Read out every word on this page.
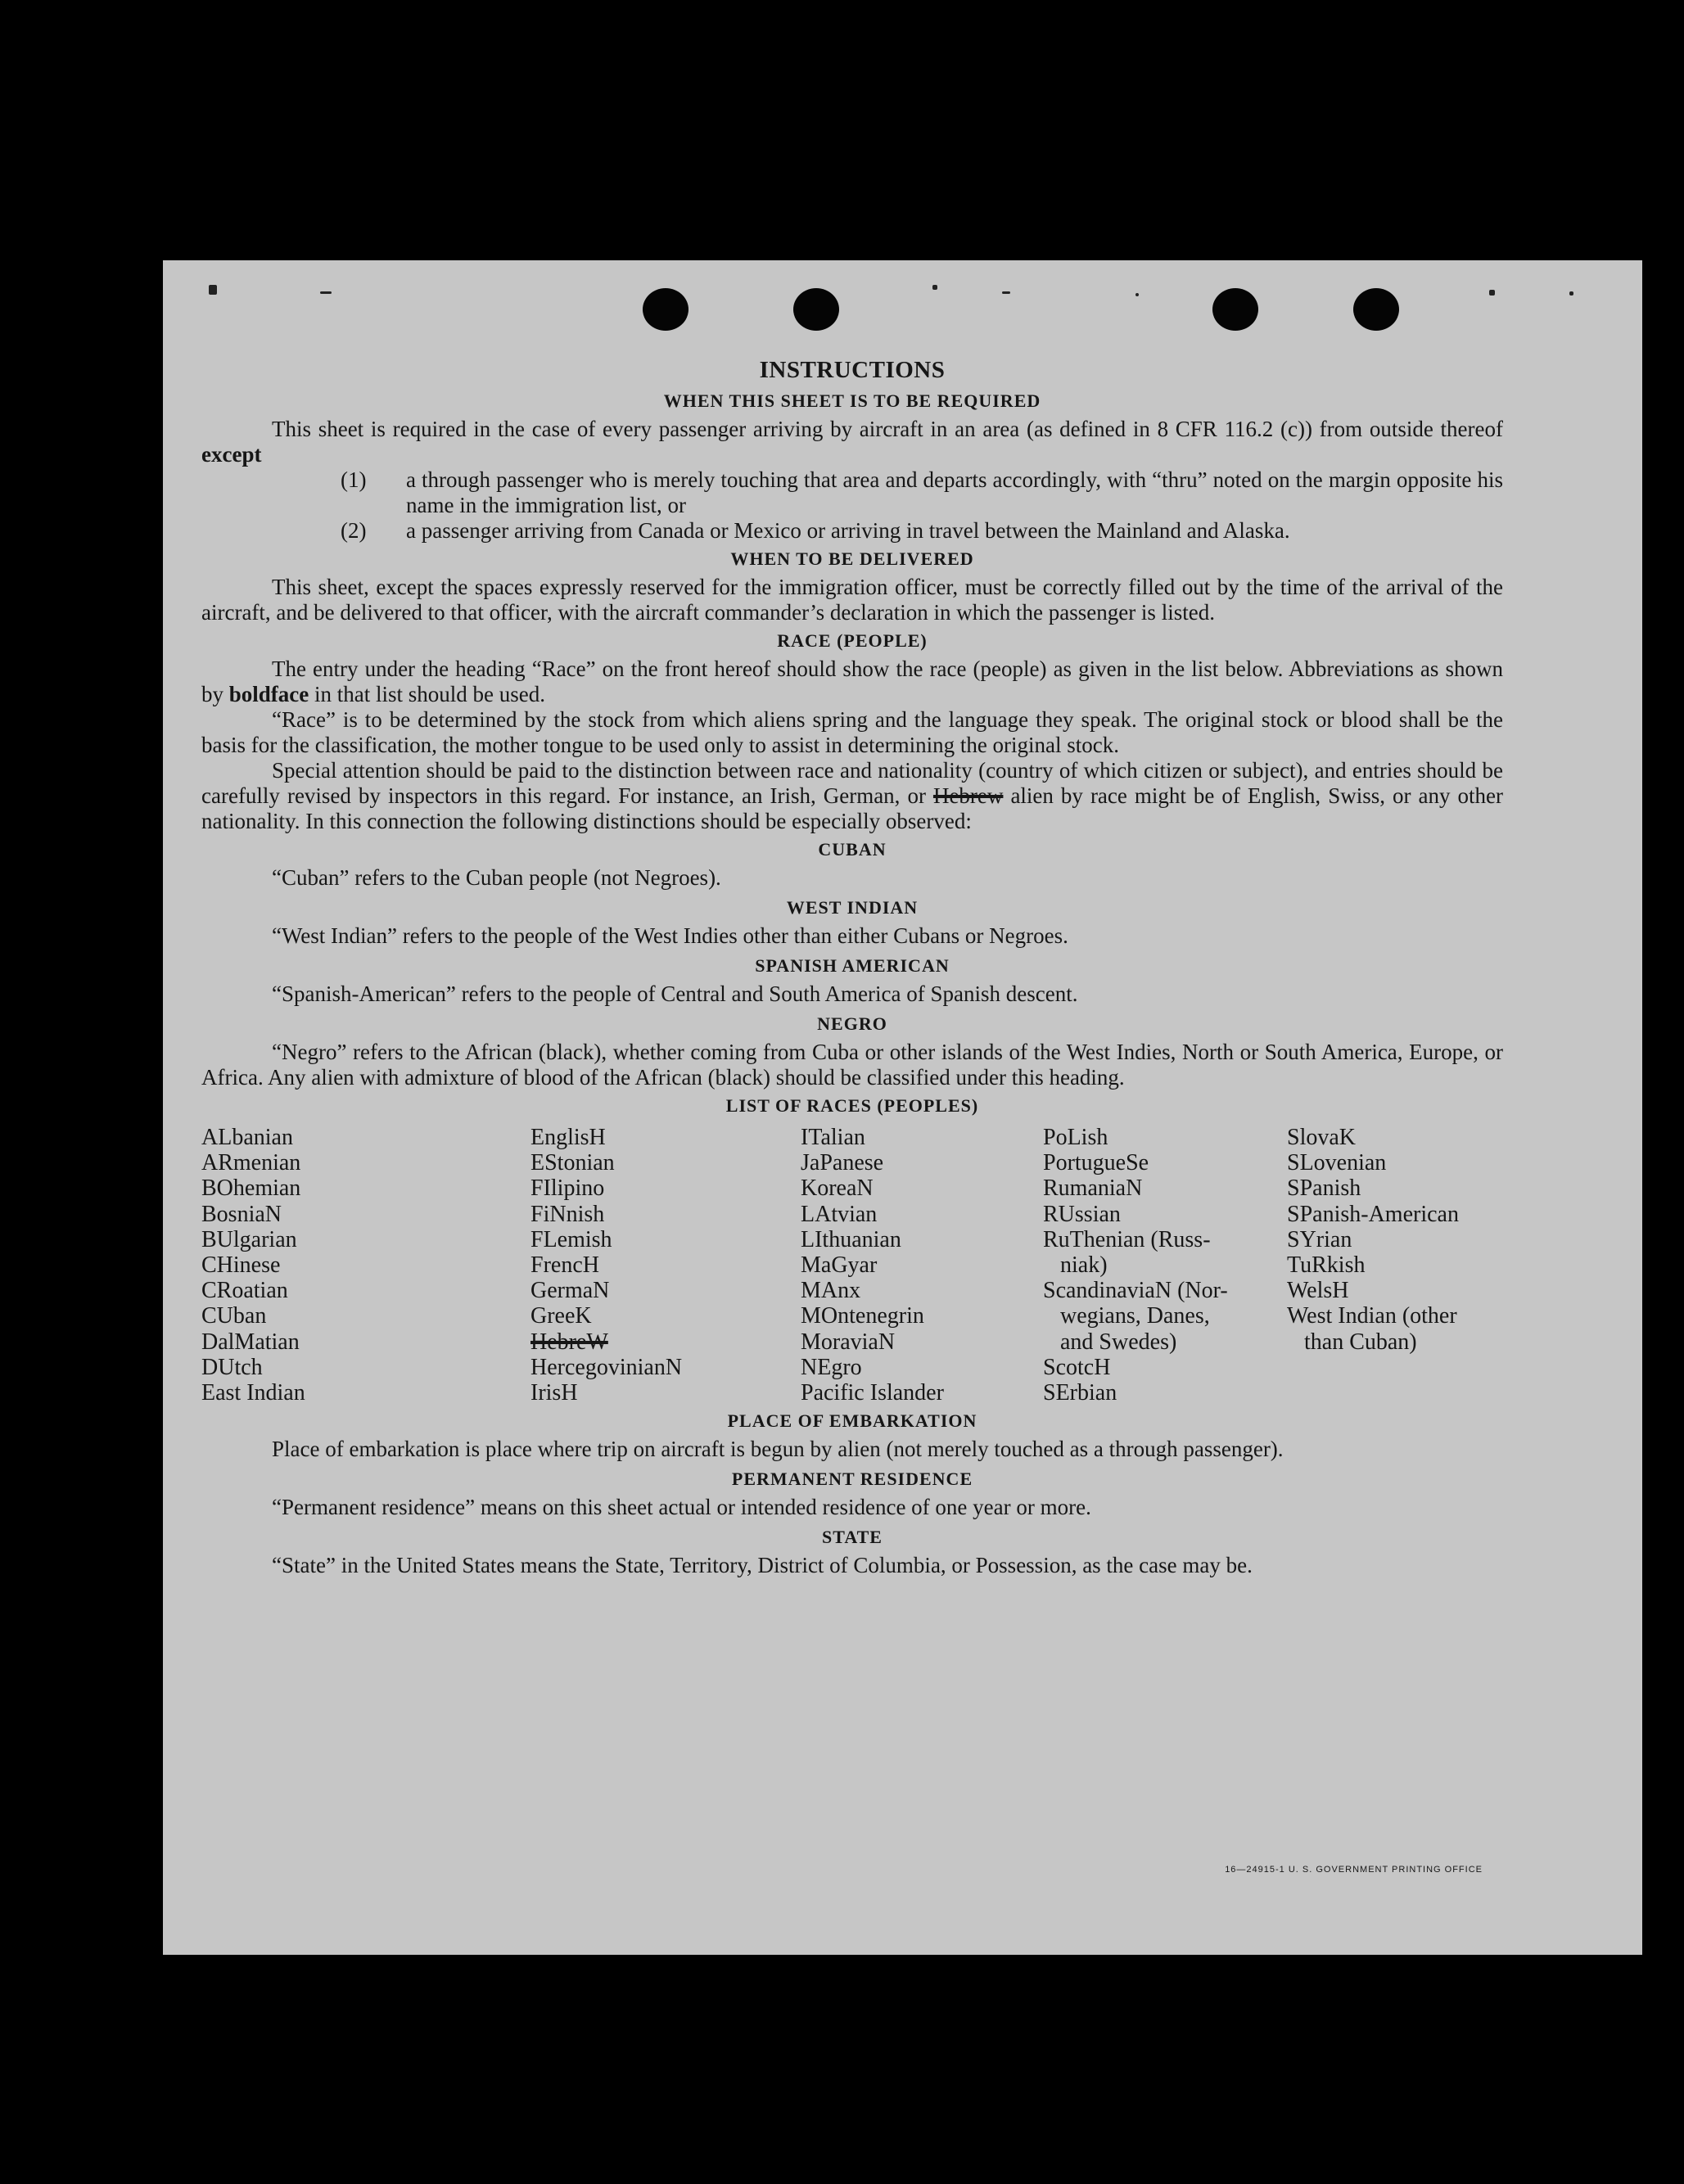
INSTRUCTIONS
WHEN THIS SHEET IS TO BE REQUIRED

This sheet is required in the case of every passenger arriving by aircraft in an area (as defined in 8 CFR 116.2 (c)) from outside thereof except

(1)	a through passenger who is merely touching that area and departs accordingly, with “thru” noted on the margin opposite his name in the immigration list, or
(2)	a passenger arriving from Canada or Mexico or arriving in travel between the Mainland and Alaska.
WHEN TO BE DELIVERED

This sheet, except the spaces expressly reserved for the immigration officer, must be correctly filled out by the time of the arrival of the aircraft, and be delivered to that officer, with the aircraft commander’s declaration in which the passenger is listed.

RACE (PEOPLE)

The entry under the heading “Race” on the front hereof should show the race (people) as given in the list below. Abbreviations as shown by boldface in that list should be used.

“Race” is to be determined by the stock from which aliens spring and the language they speak. The original stock or blood shall be the basis for the classification, the mother tongue to be used only to assist in determining the original stock.

Special attention should be paid to the distinction between race and nationality (country of which citizen or subject), and entries should be carefully revised by inspectors in this regard. For instance, an Irish, German, or Hebrew alien by race might be of English, Swiss, or any other nationality. In this connection the following distinctions should be especially observed:

CUBAN

“Cuban” refers to the Cuban people (not Negroes).

WEST INDIAN

“West Indian” refers to the people of the West Indies other than either Cubans or Negroes.

SPANISH AMERICAN

“Spanish-American” refers to the people of Central and South America of Spanish descent.

NEGRO

“Negro” refers to the African (black), whether coming from Cuba or other islands of the West Indies, North or South America, Europe, or Africa. Any alien with admixture of blood of the African (black) should be classified under this heading.

LIST OF RACES (PEOPLES)
ALbanian
ARmenian
BOhemian
BosniaN
BUlgarian
CHinese
CRoatian
CUban
DalMatian
DUtch
East Indian
EnglisH
EStonian
FIlipino
FiNnish
FLemish
FrencH
GermaN
GreeK
HebreW
HercegovinianN
IrisH
ITalian
JaPanese
KoreaN
LAtvian
LIthuanian
MaGyar
MAnx
MOntenegrin
MoraviaN
NEgro
Pacific Islander
PoLish
PortugueSe
RumaniaN
RUssian
RuThenian (Russ-
niak)
ScandinaviaN (Nor-
wegians, Danes,
and Swedes)
ScotcH
SErbian
SlovaK
SLovenian
SPanish
SPanish-American
SYrian
TuRkish
WelsH
West Indian (other
than Cuban)
PLACE OF EMBARKATION

Place of embarkation is place where trip on aircraft is begun by alien (not merely touched as a through passenger).

PERMANENT RESIDENCE

“Permanent residence” means on this sheet actual or intended residence of one year or more.

STATE

“State” in the United States means the State, Territory, District of Columbia, or Possession, as the case may be.

16—24915-1 U. S. GOVERNMENT PRINTING OFFICE
